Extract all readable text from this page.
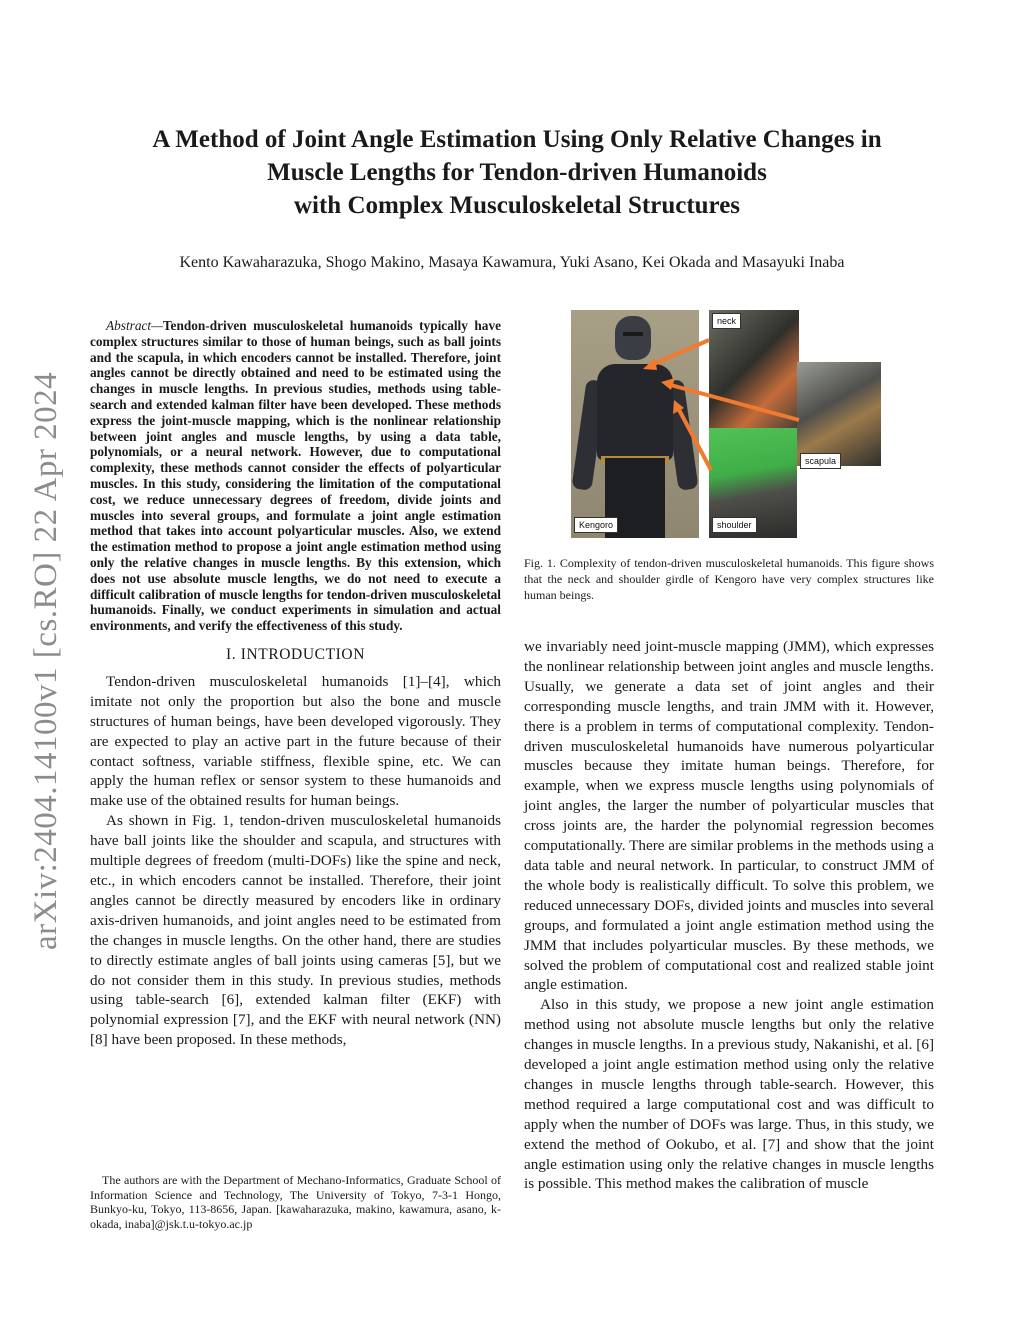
arXiv:2404.14100v1 [cs.RO] 22 Apr 2024
A Method of Joint Angle Estimation Using Only Relative Changes in
Muscle Lengths for Tendon-driven Humanoids
with Complex Musculoskeletal Structures
Kento Kawaharazuka, Shogo Makino, Masaya Kawamura, Yuki Asano, Kei Okada and Masayuki Inaba

Abstract—Tendon-driven musculoskeletal humanoids typically have complex structures similar to those of human beings, such as ball joints and the scapula, in which encoders cannot be installed. Therefore, joint angles cannot be directly obtained and need to be estimated using the changes in muscle lengths. In previous studies, methods using table-search and extended kalman filter have been developed. These methods express the joint-muscle mapping, which is the nonlinear relationship between joint angles and muscle lengths, by using a data table, polynomials, or a neural network. However, due to computational complexity, these methods cannot consider the effects of polyarticular muscles. In this study, considering the limitation of the computational cost, we reduce unnecessary degrees of freedom, divide joints and muscles into several groups, and formulate a joint angle estimation method that takes into account polyarticular muscles. Also, we extend the estimation method to propose a joint angle estimation method using only the relative changes in muscle lengths. By this extension, which does not use absolute muscle lengths, we do not need to execute a difficult calibration of muscle lengths for tendon-driven musculoskeletal humanoids. Finally, we conduct experiments in simulation and actual environments, and verify the effectiveness of this study.

I. INTRODUCTION

Tendon-driven musculoskeletal humanoids [1]–[4], which imitate not only the proportion but also the bone and muscle structures of human beings, have been developed vigorously. They are expected to play an active part in the future because of their contact softness, variable stiffness, flexible spine, etc. We can apply the human reflex or sensor system to these humanoids and make use of the obtained results for human beings.

As shown in Fig. 1, tendon-driven musculoskeletal humanoids have ball joints like the shoulder and scapula, and structures with multiple degrees of freedom (multi-DOFs) like the spine and neck, etc., in which encoders cannot be installed. Therefore, their joint angles cannot be directly measured by encoders like in ordinary axis-driven humanoids, and joint angles need to be estimated from the changes in muscle lengths. On the other hand, there are studies to directly estimate angles of ball joints using cameras [5], but we do not consider them in this study. In previous studies, methods using table-search [6], extended kalman filter (EKF) with polynomial expression [7], and the EKF with neural network (NN) [8] have been proposed. In these methods,

The authors are with the Department of Mechano-Informatics, Graduate School of Information Science and Technology, The University of Tokyo, 7-3-1 Hongo, Bunkyo-ku, Tokyo, 113-8656, Japan. [kawaharazuka, makino, kawamura, asano, k-okada, inaba]@jsk.t.u-tokyo.ac.jp

neck
scapula
Kengoro	shoulder

Fig. 1. Complexity of tendon-driven musculoskeletal humanoids. This figure shows that the neck and shoulder girdle of Kengoro have very complex structures like human beings.

we invariably need joint-muscle mapping (JMM), which expresses the nonlinear relationship between joint angles and muscle lengths. Usually, we generate a data set of joint angles and their corresponding muscle lengths, and train JMM with it. However, there is a problem in terms of computational complexity. Tendon-driven musculoskeletal humanoids have numerous polyarticular muscles because they imitate human beings. Therefore, for example, when we express muscle lengths using polynomials of joint angles, the larger the number of polyarticular muscles that cross joints are, the harder the polynomial regression becomes computationally. There are similar problems in the methods using a data table and neural network. In particular, to construct JMM of the whole body is realistically difficult. To solve this problem, we reduced unnecessary DOFs, divided joints and muscles into several groups, and formulated a joint angle estimation method using the JMM that includes polyarticular muscles. By these methods, we solved the problem of computational cost and realized stable joint angle estimation.

Also in this study, we propose a new joint angle estimation method using not absolute muscle lengths but only the relative changes in muscle lengths. In a previous study, Nakanishi, et al. [6] developed a joint angle estimation method using only the relative changes in muscle lengths through table-search. However, this method required a large computational cost and was difficult to apply when the number of DOFs was large. Thus, in this study, we extend the method of Ookubo, et al. [7] and show that the joint angle estimation using only the relative changes in muscle lengths is possible. This method makes the calibration of muscle
